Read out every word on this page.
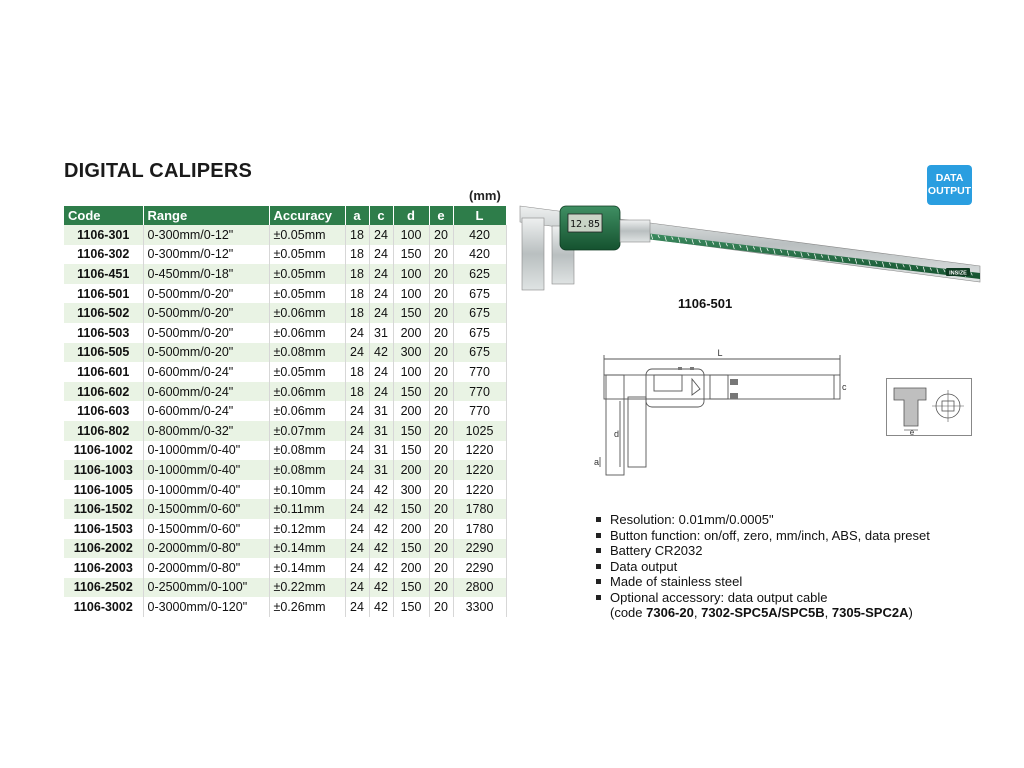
DIGITAL CALIPERS
(mm)
Code	Range	Accuracy	a	c	d	e	L
1106-301	0-300mm/0-12"	±0.05mm	18	24	100	20	420
1106-302	0-300mm/0-12"	±0.05mm	18	24	150	20	420
1106-451	0-450mm/0-18"	±0.05mm	18	24	100	20	625
1106-501	0-500mm/0-20"	±0.05mm	18	24	100	20	675
1106-502	0-500mm/0-20"	±0.06mm	18	24	150	20	675
1106-503	0-500mm/0-20"	±0.06mm	24	31	200	20	675
1106-505	0-500mm/0-20"	±0.08mm	24	42	300	20	675
1106-601	0-600mm/0-24"	±0.05mm	18	24	100	20	770
1106-602	0-600mm/0-24"	±0.06mm	18	24	150	20	770
1106-603	0-600mm/0-24"	±0.06mm	24	31	200	20	770
1106-802	0-800mm/0-32"	±0.07mm	24	31	150	20	1025
1106-1002	0-1000mm/0-40"	±0.08mm	24	31	150	20	1220
1106-1003	0-1000mm/0-40"	±0.08mm	24	31	200	20	1220
1106-1005	0-1000mm/0-40"	±0.10mm	24	42	300	20	1220
1106-1502	0-1500mm/0-60"	±0.11mm	24	42	150	20	1780
1106-1503	0-1500mm/0-60"	±0.12mm	24	42	200	20	1780
1106-2002	0-2000mm/0-80"	±0.14mm	24	42	150	20	2290
1106-2003	0-2000mm/0-80"	±0.14mm	24	42	200	20	2290
1106-2502	0-2500mm/0-100"	±0.22mm	24	42	150	20	2800
1106-3002	0-3000mm/0-120"	±0.26mm	24	42	150	20	3300
DATA
OUTPUT
12.85
INSIZE
1106-501
L
c
d
a
e
Resolution: 0.01mm/0.0005"
Button function: on/off, zero, mm/inch, ABS, data preset
Battery CR2032
Data output
Made of stainless steel
Optional accessory: data output cable
(code 7306-20, 7302-SPC5A/SPC5B, 7305-SPC2A)
